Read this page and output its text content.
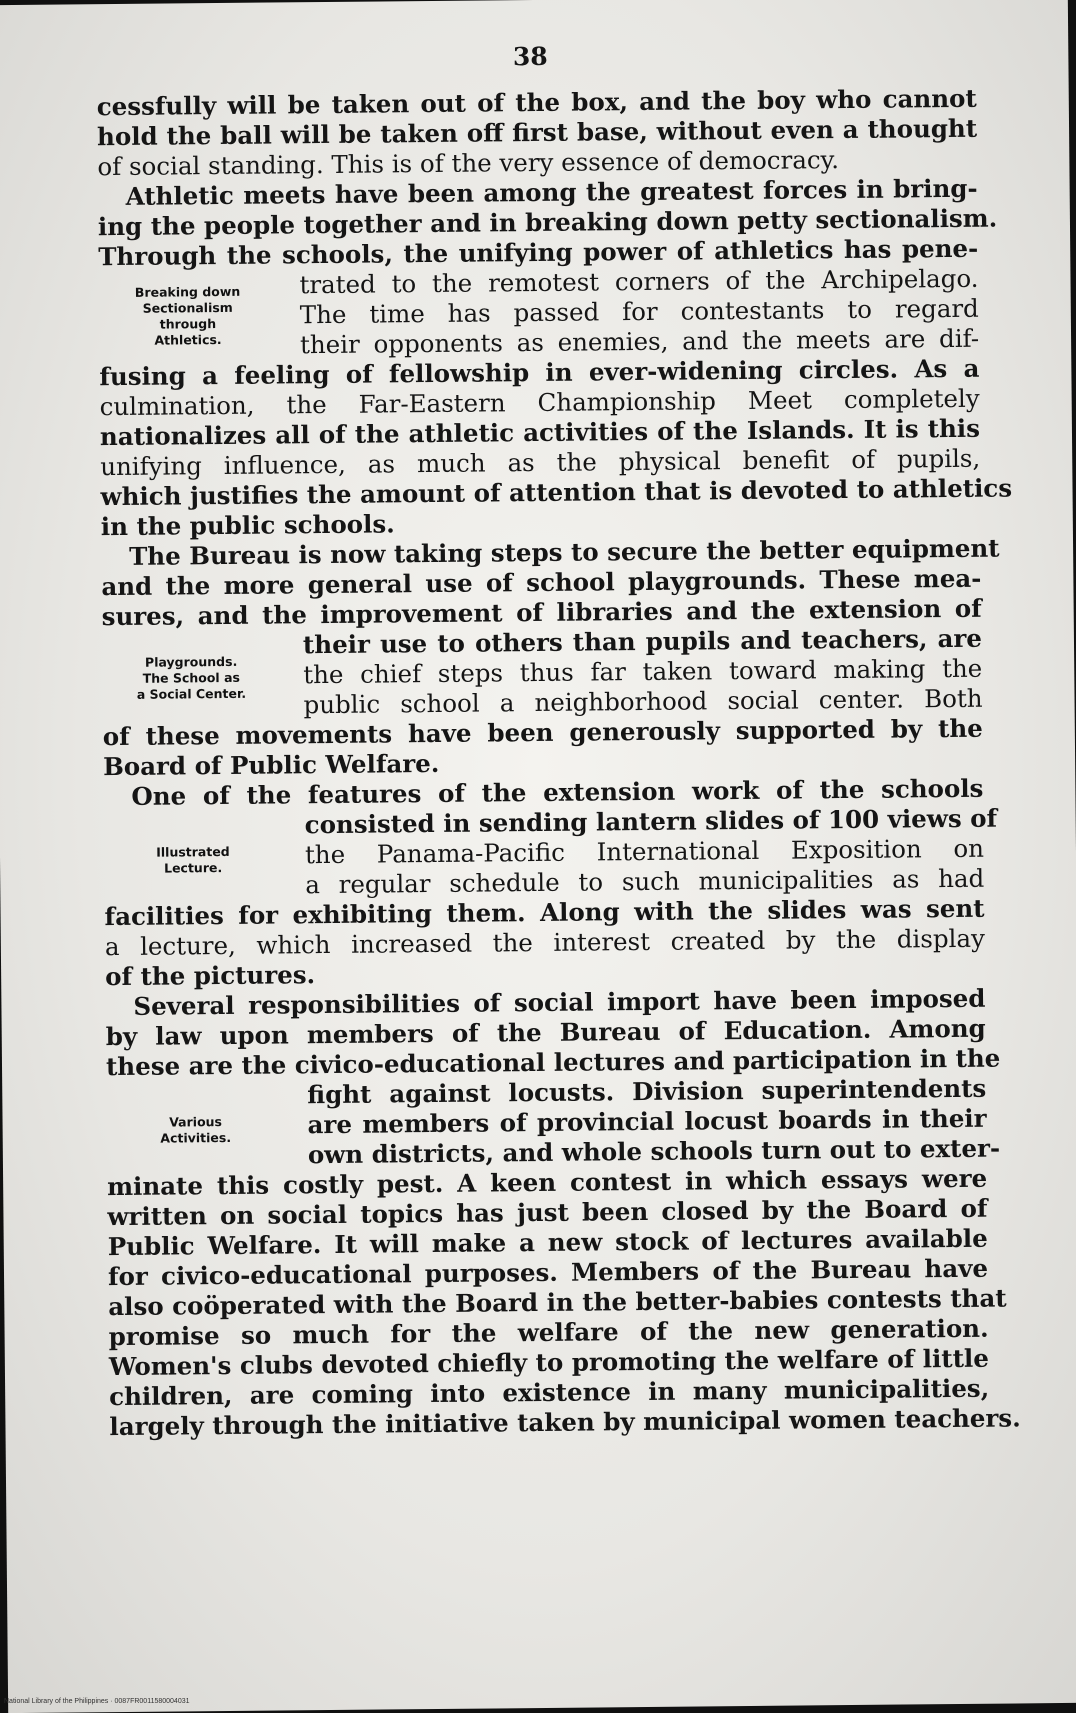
38
cessfully will be taken out of the box, and the boy who cannot
hold the ball will be taken off first base, without even a thought
of social standing. This is of the very essence of democracy.
Athletic meets have been among the greatest forces in bring-
ing the people together and in breaking down petty sectionalism.
Through the schools, the unifying power of athletics has pene-
trated to the remotest corners of the Archipelago.
The time has passed for contestants to regard
their opponents as enemies, and the meets are dif-
fusing a feeling of fellowship in ever-widening circles. As a
culmination, the Far-Eastern Championship Meet completely
nationalizes all of the athletic activities of the Islands. It is this
unifying influence, as much as the physical benefit of pupils,
which justifies the amount of attention that is devoted to athletics
in the public schools.
The Bureau is now taking steps to secure the better equipment
and the more general use of school playgrounds. These mea-
sures, and the improvement of libraries and the extension of
their use to others than pupils and teachers, are
the chief steps thus far taken toward making the
public school a neighborhood social center. Both
of these movements have been generously supported by the
Board of Public Welfare.
One of the features of the extension work of the schools
consisted in sending lantern slides of 100 views of
the Panama-Pacific International Exposition on
a regular schedule to such municipalities as had
facilities for exhibiting them. Along with the slides was sent
a lecture, which increased the interest created by the display
of the pictures.
Several responsibilities of social import have been imposed
by law upon members of the Bureau of Education. Among
these are the civico-educational lectures and participation in the
fight against locusts. Division superintendents
are members of provincial locust boards in their
own districts, and whole schools turn out to exter-
minate this costly pest. A keen contest in which essays were
written on social topics has just been closed by the Board of
Public Welfare. It will make a new stock of lectures available
for civico-educational purposes. Members of the Bureau have
also coöperated with the Board in the better-babies contests that
promise so much for the welfare of the new generation.
Women's clubs devoted chiefly to promoting the welfare of little
children, are coming into existence in many municipalities,
largely through the initiative taken by municipal women teachers.
Breaking down
Sectionalism
through
Athletics.
Playgrounds.
The School as
a Social Center.
Illustrated
Lecture.
Various
Activities.
National Library of the Philippines · 0087FR0011580004031
